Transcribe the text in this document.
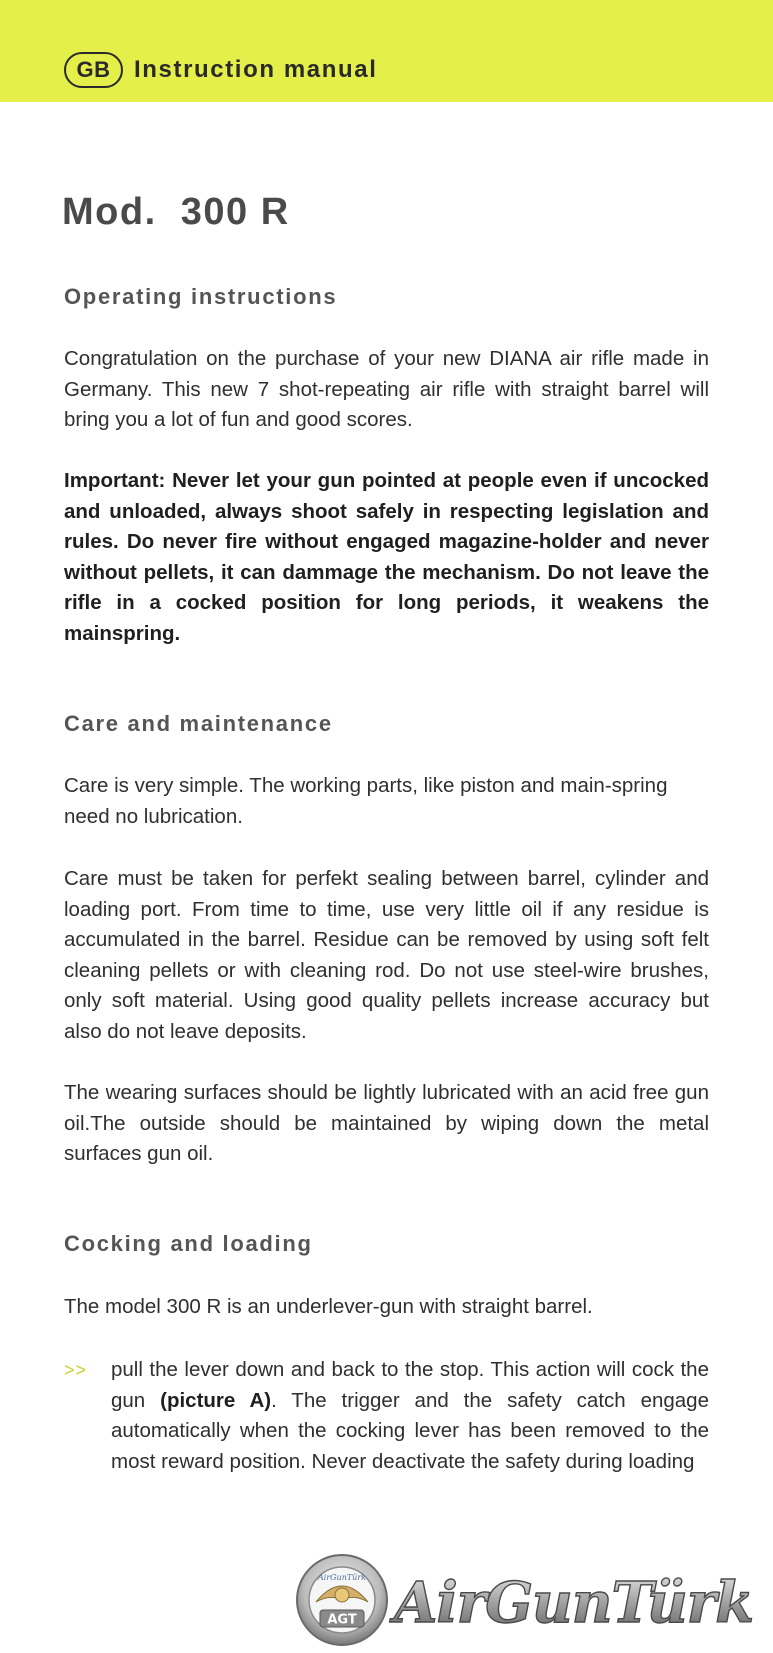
GB Instruction manual
Mod.  300 R
Operating instructions
Congratulation on the purchase of your new DIANA air rifle made in Germany. This new 7 shot-repeating air rifle with straight barrel will bring you a lot of fun and good scores.
Important: Never let your gun pointed at people even if uncocked and unloaded, always shoot safely in respecting legislation and rules. Do never fire without engaged magazine-holder and never without pellets, it can dammage the mechanism. Do not leave the rifle in a cocked position for long periods, it weakens the mainspring.
Care and maintenance
Care is very simple. The working parts, like piston and main-spring need no lubrication.
Care must be taken for perfekt sealing between barrel, cylinder and loading port. From time to time, use very little oil if any residue is accumulated in the barrel. Residue can be removed by using soft felt cleaning pellets or with cleaning rod. Do not use steel-wire brushes, only soft material. Using good quality pellets increase accuracy but also do not leave deposits.
The wearing surfaces should be lightly lubricated with an acid free gun oil.The outside should be maintained by wiping down the metal surfaces gun oil.
Cocking and loading
The model 300 R is an underlever-gun with straight barrel.
>> pull the lever down and back to the stop. This action will cock the gun (picture A). The trigger and the safety catch engage automatically when the cocking lever has been removed to the most reward position. Never deactivate the safety during loading
AirGunTürk
AGT AirGunTürk
